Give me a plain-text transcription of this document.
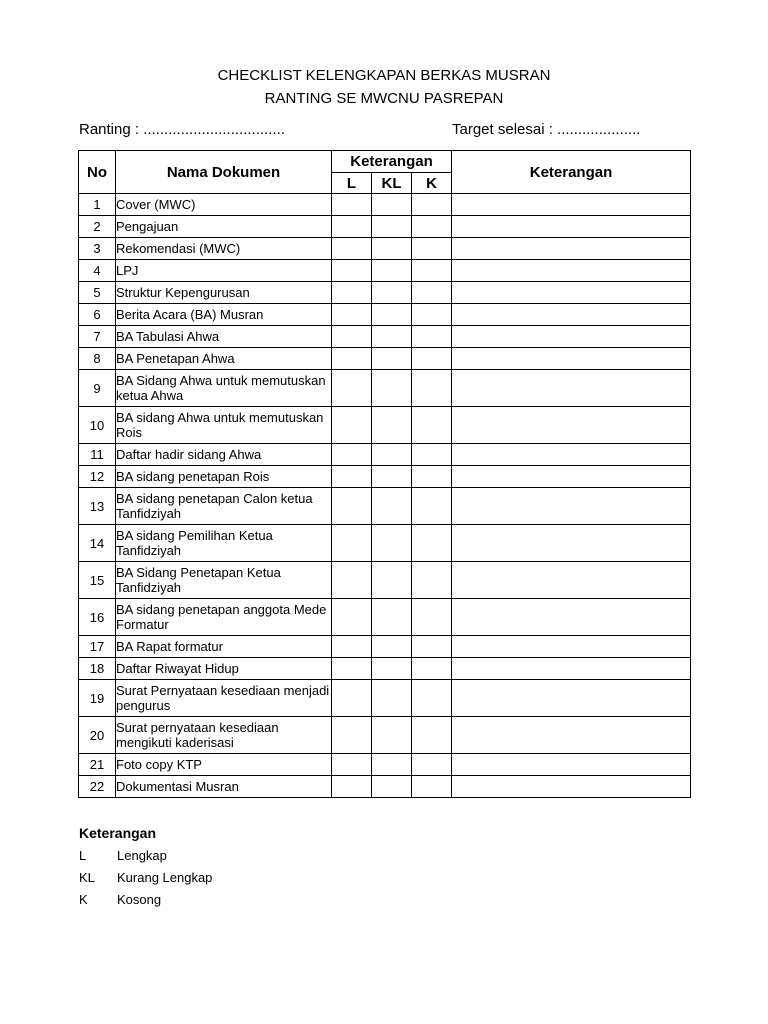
CHECKLIST KELENGKAPAN BERKAS MUSRAN
RANTING SE MWCNU PASREPAN
Ranting : ..................................	Target selesai : ....................
No	Nama Dokumen	Keterangan			Keterangan
		L	KL	K	
1	Cover (MWC)				
2	Pengajuan				
3	Rekomendasi (MWC)				
4	LPJ				
5	Struktur Kepengurusan				
6	Berita Acara (BA) Musran				
7	BA Tabulasi Ahwa				
8	BA Penetapan Ahwa				
9	BA Sidang Ahwa untuk memutuskan ketua Ahwa				
10	BA sidang Ahwa untuk memutuskan Rois				
11	Daftar hadir sidang Ahwa				
12	BA sidang penetapan Rois				
13	BA sidang penetapan Calon ketua Tanfidziyah				
14	BA sidang Pemilihan Ketua Tanfidziyah				
15	BA Sidang Penetapan Ketua Tanfidziyah				
16	BA sidang penetapan anggota Mede Formatur				
17	BA Rapat formatur				
18	Daftar Riwayat Hidup				
19	Surat Pernyataan kesediaan menjadi pengurus				
20	Surat pernyataan kesediaan mengikuti kaderisasi				
21	Foto copy KTP				
22	Dokumentasi Musran				
Keterangan
L	Lengkap
KL	Kurang Lengkap
K	Kosong
